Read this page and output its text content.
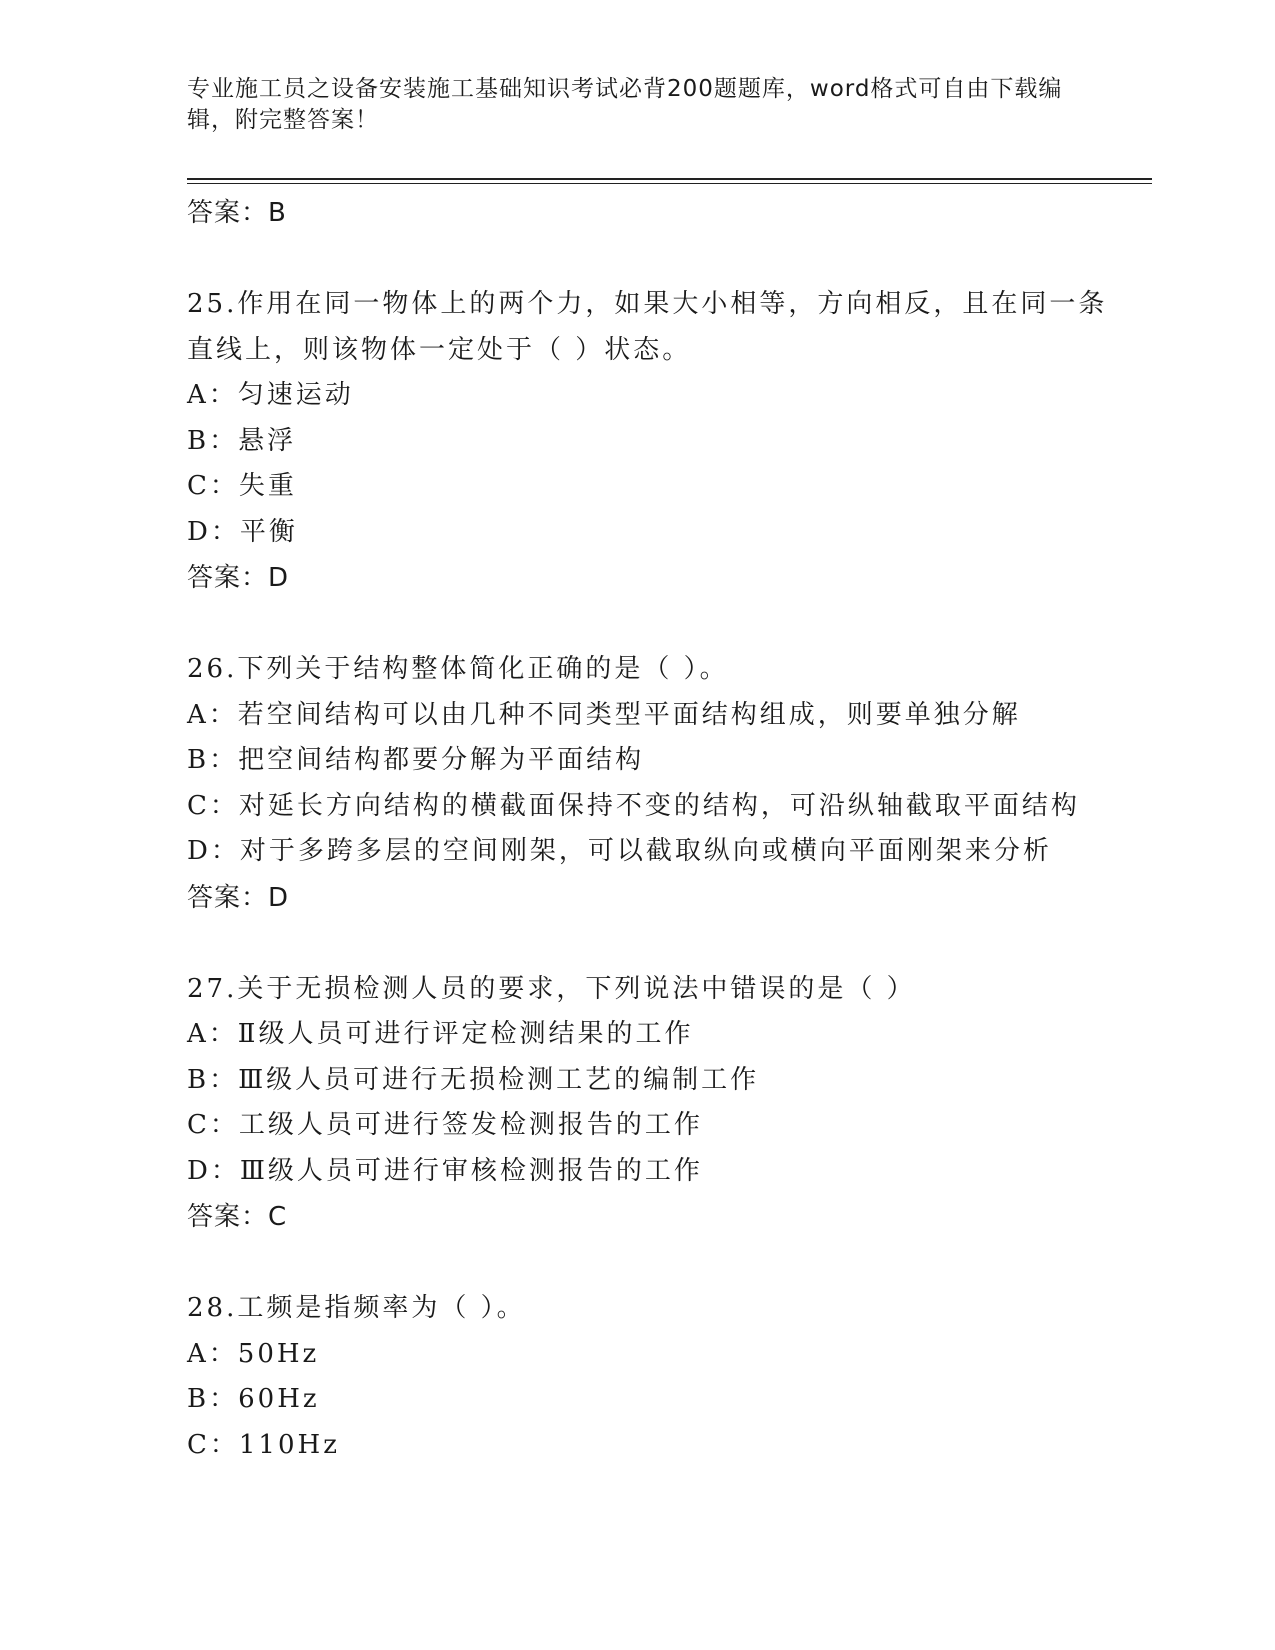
专业施工员之设备安装施工基础知识考试必背200题题库，word格式可自由下载编辑，附完整答案！
答案：B
25.作用在同一物体上的两个力，如果大小相等，方向相反，且在同一条直线上，则该物体一定处于（ ）状态。
A：匀速运动
B：悬浮
C：失重
D：平衡
答案：D
26.下列关于结构整体简化正确的是（ ）。
A：若空间结构可以由几种不同类型平面结构组成，则要单独分解
B：把空间结构都要分解为平面结构
C：对延长方向结构的横截面保持不变的结构，可沿纵轴截取平面结构
D：对于多跨多层的空间刚架，可以截取纵向或横向平面刚架来分析
答案：D
27.关于无损检测人员的要求，下列说法中错误的是（ ）
A：Ⅱ级人员可进行评定检测结果的工作
B：Ⅲ级人员可进行无损检测工艺的编制工作
C：工级人员可进行签发检测报告的工作
D：Ⅲ级人员可进行审核检测报告的工作
答案：C
28.工频是指频率为（ ）。
A：50Hz
B：60Hz
C：110Hz
